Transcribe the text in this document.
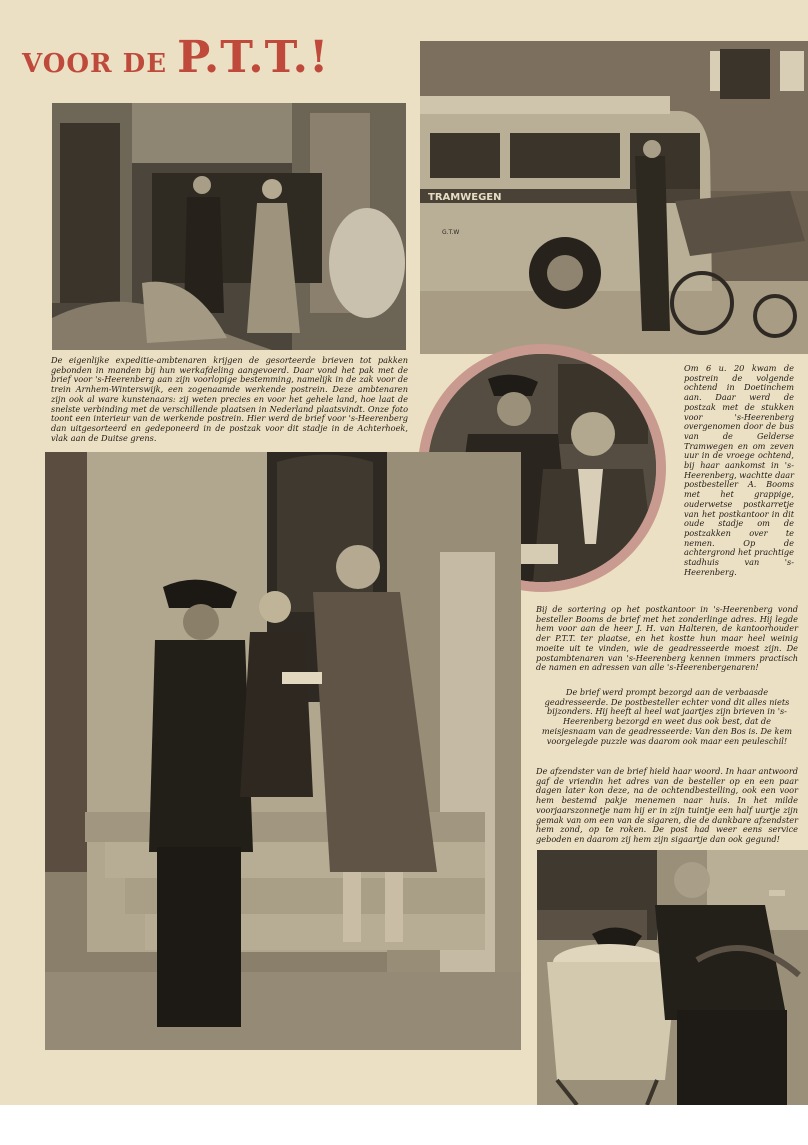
VOOR DE P.T.T.!
TRAMWEGEN
G.T.W

De eigenlijke expeditie-ambtenaren krijgen de gesorteerde brieven tot pakken gebonden in manden bij hun werkafdeling aangevoerd. Daar vond het pak met de brief voor 's-Heerenberg aan zijn voorlopige bestemming, namelijk in de zak voor de trein Arnhem-Winterswijk, een zogenaamde werkende postrein. Deze ambtenaren zijn ook al ware kunstenaars: zij weten precies en voor het gehele land, hoe laat de snelste verbinding met de verschillende plaatsen in Nederland plaatsvindt. Onze foto toont een interieur van de werkende postrein. Hier werd de brief voor 's-Heerenberg dan uitgesorteerd en gedeponeerd in de postzak voor dit stadje in de Achterhoek, vlak aan de Duitse grens.

Om 6 u. 20 kwam de postrein de volgende ochtend in Doetinchem aan. Daar werd de postzak met de stukken voor 's-Heerenberg overgenomen door de bus van de Gelderse Tramwegen en om zeven uur in de vroege ochtend, bij haar aankomst in 's-Heerenberg, wachtte daar postbesteller A. Booms met het grappige, ouderwetse postkarretje van het postkantoor in dit oude stadje om de postzakken over te nemen. Op de achtergrond het prachtige stadhuis van 's-Heerenberg.

Bij de sortering op het postkantoor in 's-Heerenberg vond besteller Booms de brief met het zonderlinge adres. Hij legde hem voor aan de heer J. H. van Halteren, de kantoorhouder der P.T.T. ter plaatse, en het kostte hun maar heel weinig moeite uit te vinden, wie de geadresseerde moest zijn. De postambtenaren van 's-Heerenberg kennen immers practisch de namen en adressen van alle 's-Heerenbergenaren!

De brief werd prompt bezorgd aan de verbaasde geadresseerde. De postbesteller echter vond dit alles niets bijzonders. Hij heeft al heel wat jaartjes zijn brieven in 's-Heerenberg bezorgd en weet dus ook best, dat de meisjesnaam van de geadresseerde: Van den Bos is. De kem voorgelegde puzzle was daarom ook maar een peuleschil!

De afzendster van de brief hield haar woord. In haar antwoord gaf de vriendin het adres van de besteller op en een paar dagen later kon deze, na de ochtendbestelling, ook een voor hem bestemd pakje menemen naar huis. In het milde voorjaarszonnetje nam hij er in zijn tuintje een half uurtje zijn gemak van om een van de sigaren, die de dankbare afzendster hem zond, op te roken. De post had weer eens service geboden en daarom zij hem zijn sigaartje dan ook gegund!
